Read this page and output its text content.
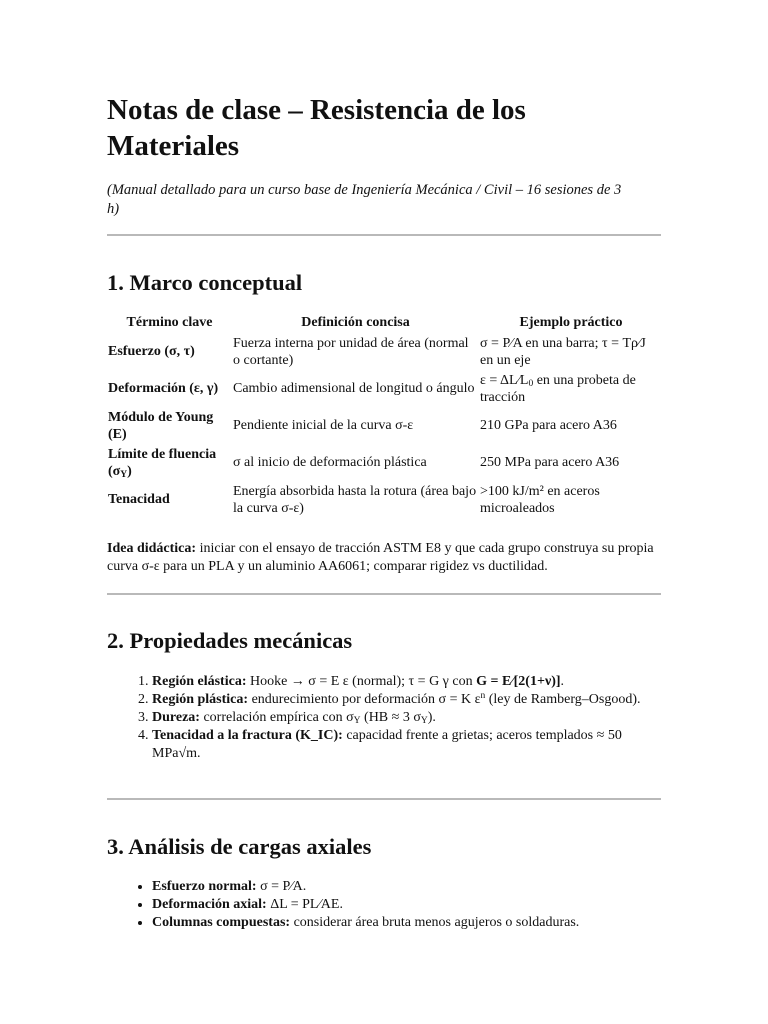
Notas de clase – Resistencia de los Materiales

(Manual detallado para un curso base de Ingeniería Mecánica / Civil – 16 sesiones de 3 h)

1. Marco conceptual
Término clave	Definición concisa	Ejemplo práctico
Esfuerzo (σ, τ)	Fuerza interna por unidad de área (normal o cortante)	σ = P⁄A en una barra; τ = Tρ⁄J en un eje
Deformación (ε, γ)	Cambio adimensional de longitud o ángulo	$\varepsilon = \Delta L⁄L_0$ en una probeta de tracción
Módulo de Young (E)	Pendiente inicial de la curva σ-ε	210 GPa para acero A36
Límite de fluencia $(\sigma_Y)$	σ al inicio de deformación plástica	250 MPa para acero A36
Tenacidad	Energía absorbida hasta la rotura (área bajo la curva σ-ε)	>100 kJ/m² en aceros microaleados

Idea didáctica: iniciar con el ensayo de tracción ASTM E8 y que cada grupo construya su propia curva σ-ε para un PLA y un aluminio AA6061; comparar rigidez vs ductilidad.

2. Propiedades mecánicas
1. Región elástica: Hooke → σ = E ε (normal); τ = G γ con G = E⁄[2(1+ν)].
2. Región plástica: endurecimiento por deformación σ = K $\varepsilon^n$ (ley de Ramberg–Osgood).
3. Dureza: correlación empírica con $\sigma_Y$ (HB ≈ 3 $\sigma_Y$).
4. Tenacidad a la fractura (K_IC): capacidad frente a grietas; aceros templados ≈ 50 MPa√m.
3. Análisis de cargas axiales
• Esfuerzo normal: σ = P⁄A.
• Deformación axial: ΔL = PL⁄AE.
• Columnas compuestas: considerar área bruta menos agujeros o soldaduras.
